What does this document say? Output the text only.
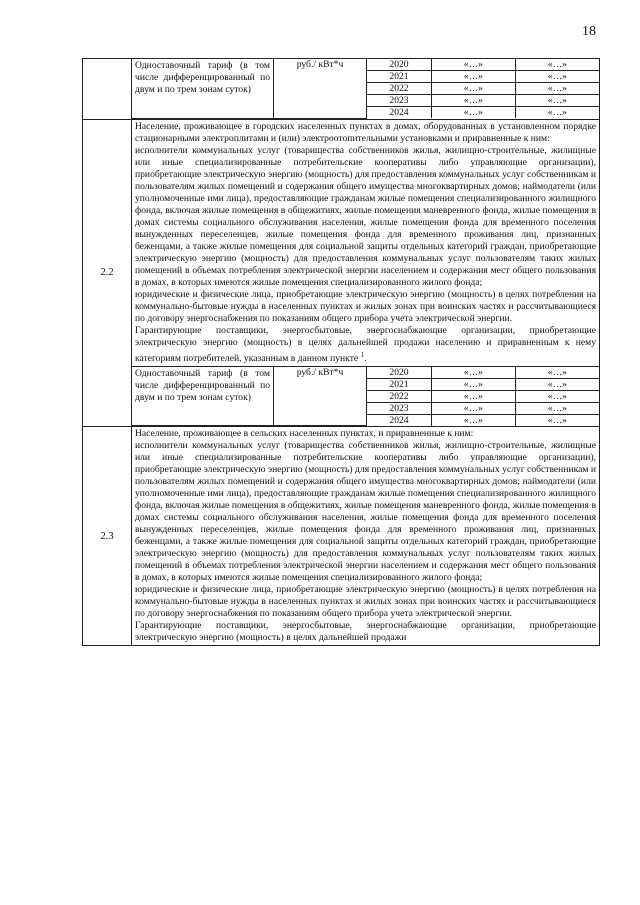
18

Одноставочный тариф (в том числе дифференцированный по двум и по трем зонам суток)	руб./ кВт*ч	2020	«…»	«…»
2021	«…»	«…»
2022	«…»	«…»
2023	«…»	«…»
2024	«…»	«…»

2.2	

Население, проживающее в городских населенных пунктах в домах, оборудованных в установленном порядке стационарными электроплитами и (или) электроотопительными установками и приравненные к ним:

исполнители коммунальных услуг (товарищества собственников жилья, жилищно-строительные, жилищные или иные специализированные потребительские кооперативы либо управляющие организации), приобретающие электрическую энергию (мощность) для предоставления коммунальных услуг собственникам и пользователям жилых помещений и содержания общего имущества многоквартирных домов; наймодатели (или уполномоченные ими лица), предоставляющие гражданам жилые помещения специализированного жилищного фонда, включая жилые помещения в общежитиях, жилые помещения маневренного фонда, жилые помещения в домах системы социального обслуживания населения, жилые помещения фонда для временного поселения вынужденных переселенцев, жилые помещения фонда для временного проживания лиц, признанных беженцами, а также жилые помещения для социальной защиты отдельных категорий граждан, приобретающие электрическую энергию (мощность) для предоставления коммунальных услуг пользователям таких жилых помещений в объемах потребления электрической энергии населением и содержания мест общего пользования в домах, в которых имеются жилые помещения специализированного жилого фонда;

юридические и физические лица, приобретающие электрическую энергию (мощность) в целях потребления на коммунально-бытовые нужды в населенных пунктах и жилых зонах при воинских частях и рассчитывающиеся по договору энергоснабжения по показаниям общего прибора учета электрической энергии.

Гарантирующие поставщики, энергосбытовые, энергоснабжающие организации, приобретающие электрическую энергию (мощность) в целях дальнейшей продажи населению и приравненным к нему категориям потребителей, указанным в данном пункте $^1$.

Одноставочный тариф (в том числе дифференцированный по двум и по трем зонам суток)	руб./ кВт*ч	2020	«…»	«…»
2021	«…»	«…»
2022	«…»	«…»
2023	«…»	«…»
2024	«…»	«…»

2.3	

Население, проживающее в сельских населенных пунктах, и приравненные к ним:

исполнители коммунальных услуг (товарищества собственников жилья, жилищно-строительные, жилищные или иные специализированные потребительские кооперативы либо управляющие организации), приобретающие электрическую энергию (мощность) для предоставления коммунальных услуг собственникам и пользователям жилых помещений и содержания общего имущества многоквартирных домов; наймодатели (или уполномоченные ими лица), предоставляющие гражданам жилые помещения специализированного жилищного фонда, включая жилые помещения в общежитиях, жилые помещения маневренного фонда, жилые помещения в домах системы социального обслуживания населения, жилые помещения фонда для временного поселения вынужденных переселенцев, жилые помещения фонда для временного проживания лиц, признанных беженцами, а также жилые помещения для социальной защиты отдельных категорий граждан, приобретающие электрическую энергию (мощность) для предоставления коммунальных услуг пользователям таких жилых помещений в объемах потребления электрической энергии населением и содержания мест общего пользования в домах, в которых имеются жилые помещения специализированного жилого фонда;

юридические и физические лица, приобретающие электрическую энергию (мощность) в целях потребления на коммунально-бытовые нужды в населенных пунктах и жилых зонах при воинских частях и рассчитывающиеся по договору энергоснабжения по показаниям общего прибора учета электрической энергии.

Гарантирующие поставщики, энергосбытовые, энергоснабжающие организации, приобретающие электрическую энергию (мощность) в целях дальнейшей продажи
